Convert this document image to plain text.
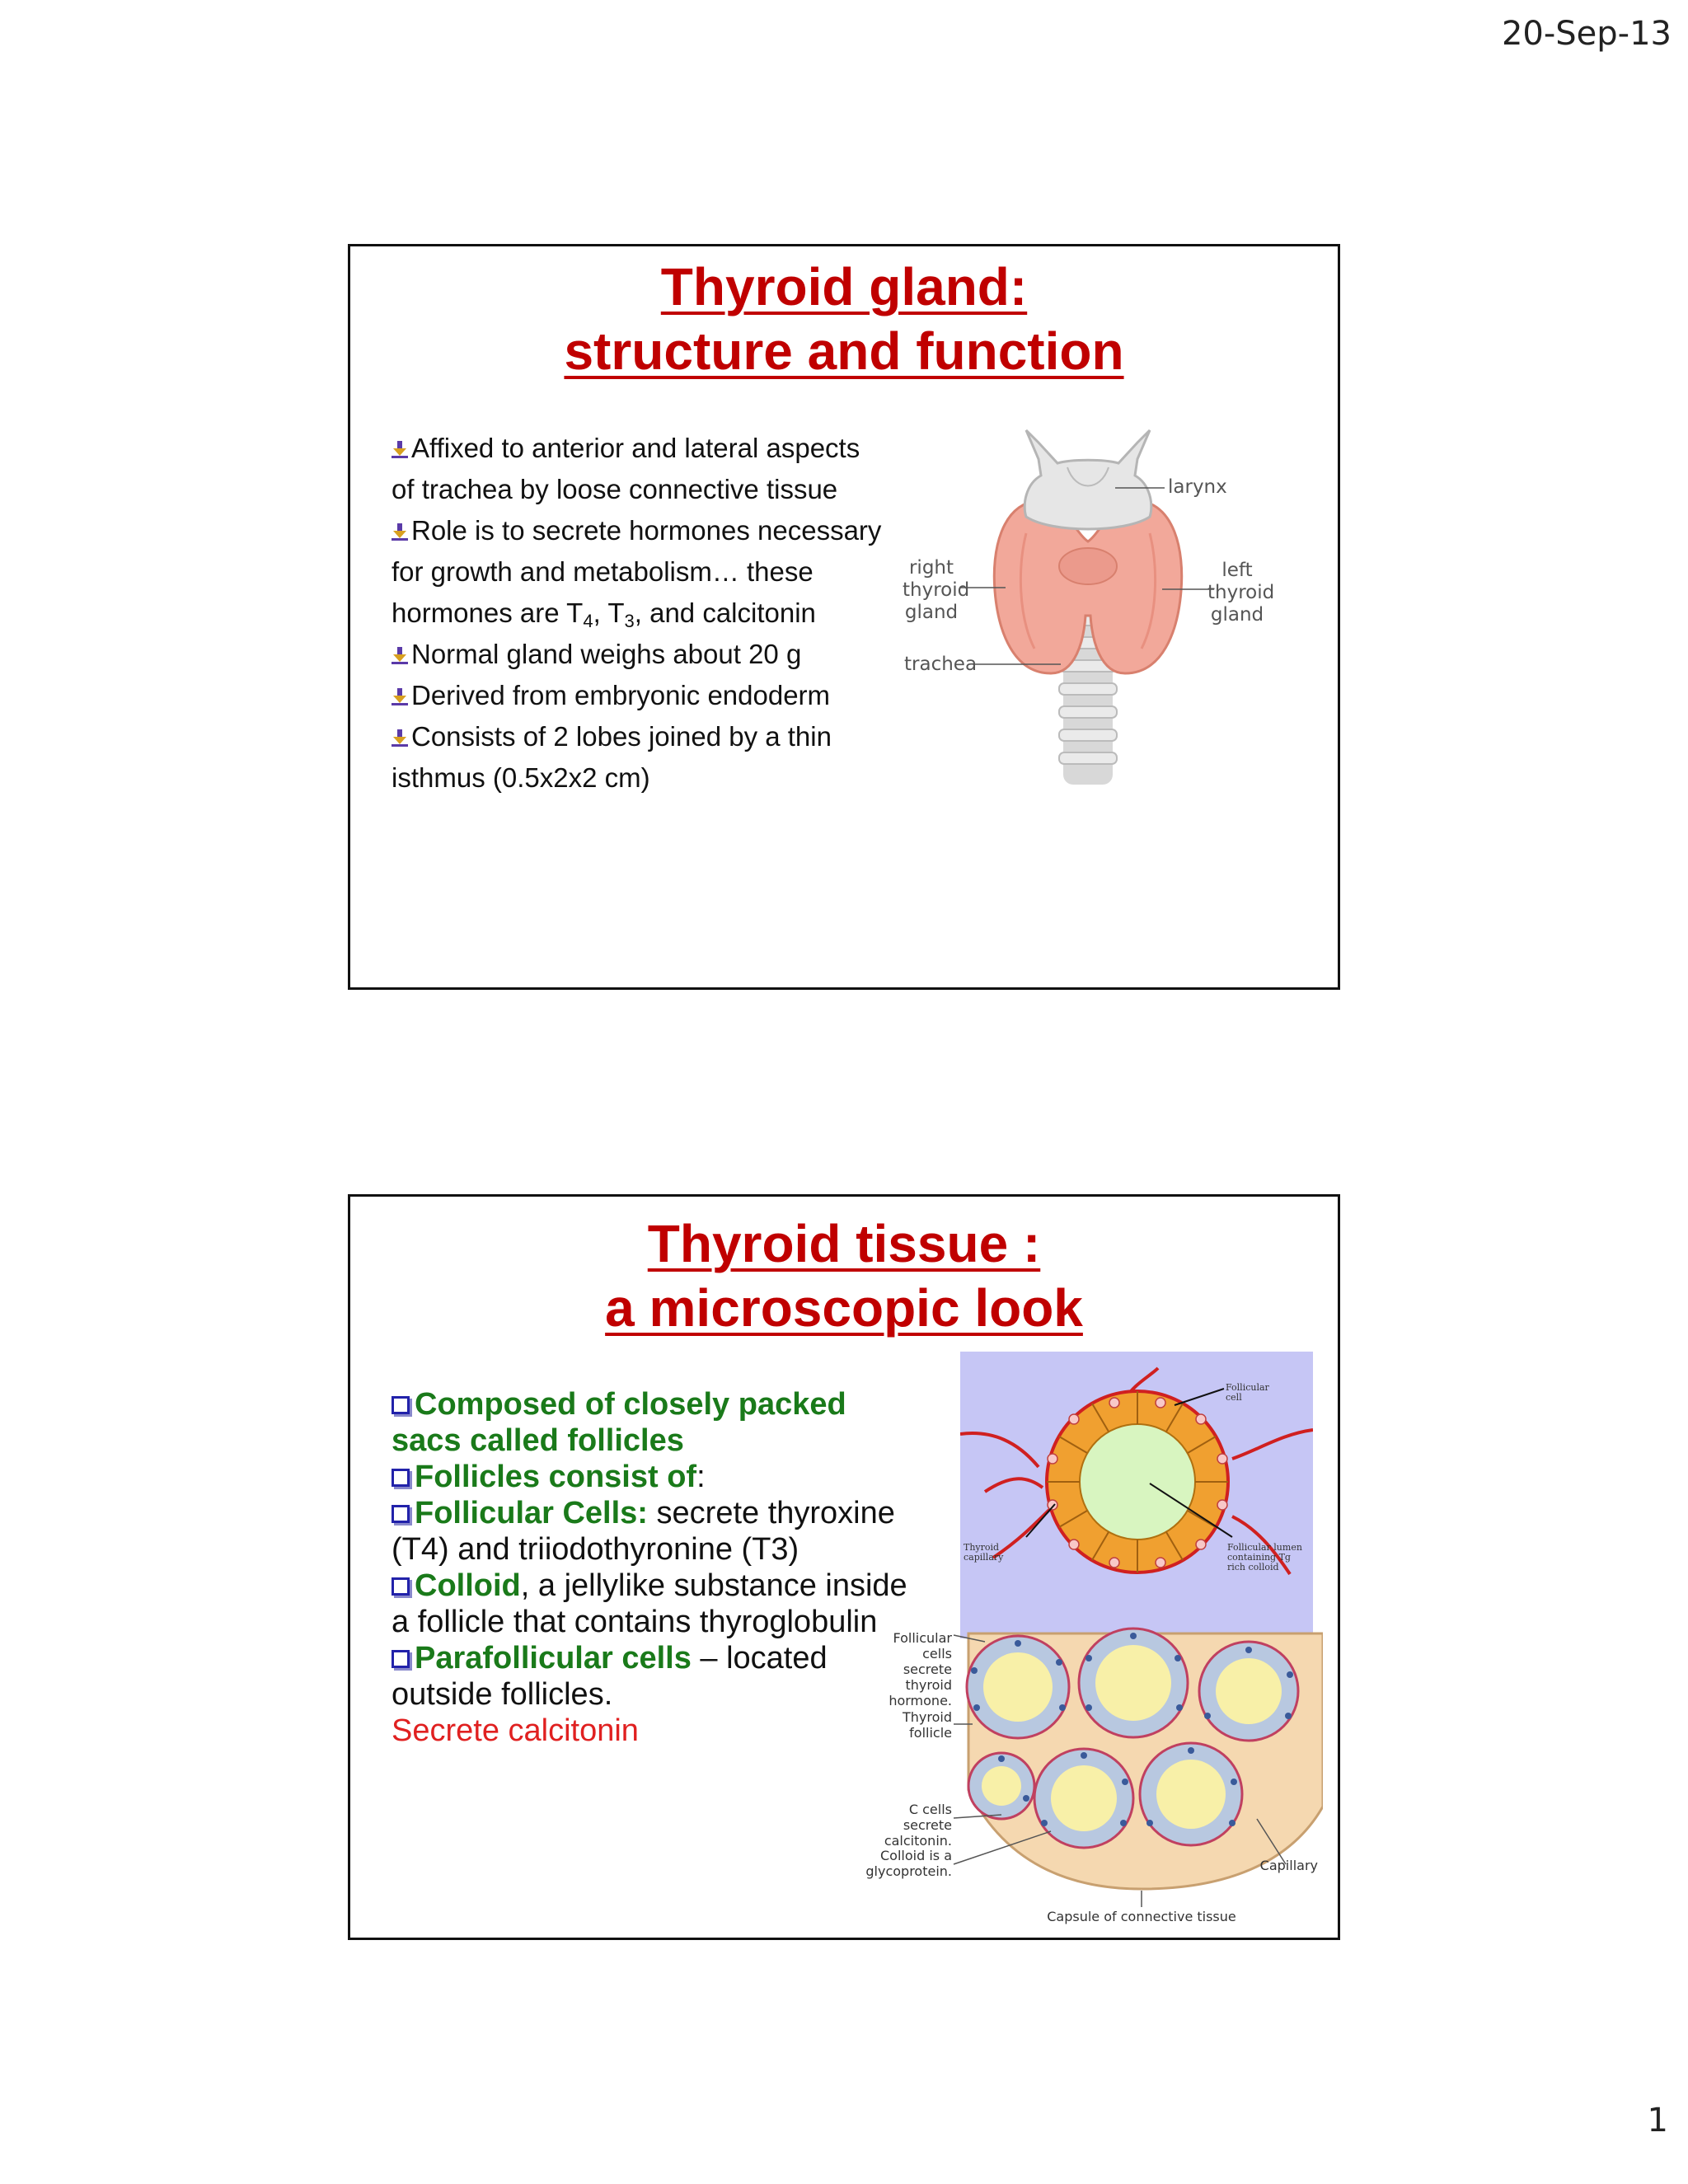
20-Sep-13
Thyroid gland:
structure and function

Affixed to anterior and lateral aspects of trachea by loose connective tissue

Role is to secrete hormones necessary for growth and metabolism… these hormones are $T_4$, $T_3$, and calcitonin

Normal gland weighs about 20 g

Derived from embryonic endoderm

Consists of 2 lobes joined by a thin isthmus (0.5x2x2 cm)

larynx
right
thyroid
gland
left
thyroid
gland
trachea
Thyroid tissue :
a microscopic look

Composed of closely packed sacs called follicles

Follicles consist of:

Follicular Cells: secrete thyroxine (T4) and triiodothyronine (T3)

Colloid, a jellylike substance inside a follicle that contains thyroglobulin

Parafollicular cells – located outside follicles.

Secrete calcitonin

Follicular
cell
Thyroid
capillary
Follicular lumen
containing Tg
rich colloid
Follicular cells
secrete thyroid
hormone.
Thyroid
follicle
C cells secrete
calcitonin.
Colloid is a
glycoprotein.	Capillary
Capsule of connective tissue
1
